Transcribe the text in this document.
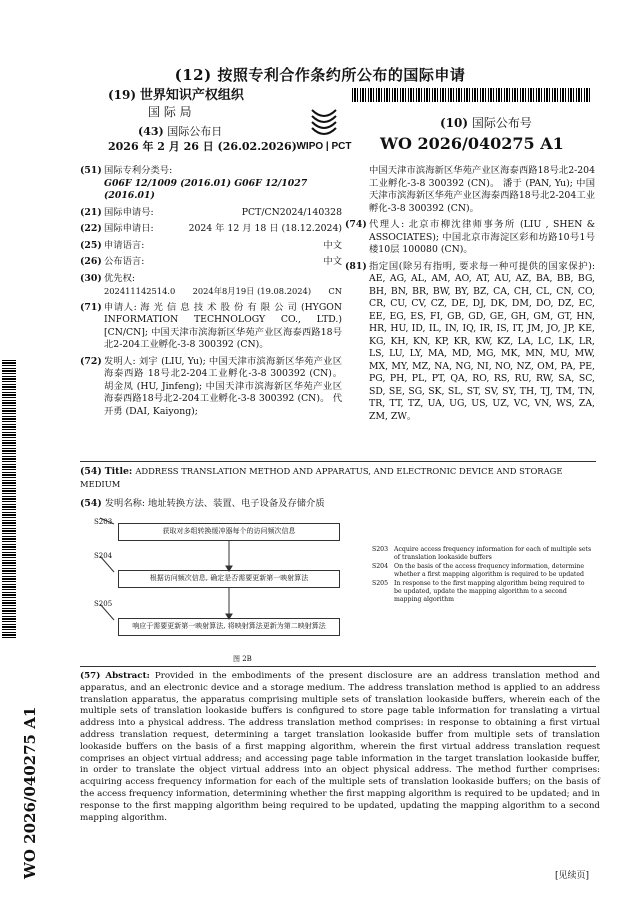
(12) 按照专利合作条约所公布的国际申请
(19) 世界知识产权组织
国 际 局
(43) 国际公布日
2026 年 2 月 26 日 (26.02.2026) WIPO | PCT
(10) 国际公布号
WO 2026/040275 A1
(51) 国际专利分类号:
G06F 12/1009 (2016.01) G06F 12/1027 (2016.01)
(21) 国际申请号:	PCT/CN2024/140328
(22) 国际申请日:	2024 年 12 月 18 日 (18.12.2024)
(25) 申请语言:	中文
(26) 公布语言:	中文
(30) 优先权:
202411142514.0 2024年8月19日 (19.08.2024) CN
(71) 申请人: 海 光 信 息 技 术 股 份 有 限 公 司 (HYGON INFORMATION TECHNOLOGY CO., LTD.) [CN/CN]; 中国天津市滨海新区华苑产业区海泰西路18号北2-204工业孵化-3-8 300392 (CN)。
(72) 发明人: 刘宇 (LIU, Yu); 中国天津市滨海新区华苑产业区海泰西路 18号北2-204工业孵化-3-8 300392 (CN)。 胡金凤 (HU, Jinfeng); 中国天津市滨海新区华苑产业区海泰西路18号北2-204工业孵化-3-8 300392 (CN)。 代开勇 (DAI, Kaiyong);
中国天津市滨海新区华苑产业区海泰西路18号北2-204工业孵化-3-8 300392 (CN)。 潘于 (PAN, Yu); 中国天津市滨海新区华苑产业区海泰西路18号北2-204工业孵化-3-8 300392 (CN)。
(74) 代理人: 北京市柳沈律师事务所 (LIU , SHEN & ASSOCIATES); 中国北京市海淀区彩和坊路10号1号楼10层 100080 (CN)。
(81) 指定国(除另有指明, 要求每一种可提供的国家保护): AE, AG, AL, AM, AO, AT, AU, AZ, BA, BB, BG, BH, BN, BR, BW, BY, BZ, CA, CH, CL, CN, CO, CR, CU, CV, CZ, DE, DJ, DK, DM, DO, DZ, EC, EE, EG, ES, FI, GB, GD, GE, GH, GM, GT, HN, HR, HU, ID, IL, IN, IQ, IR, IS, IT, JM, JO, JP, KE, KG, KH, KN, KP, KR, KW, KZ, LA, LC, LK, LR, LS, LU, LY, MA, MD, MG, MK, MN, MU, MW, MX, MY, MZ, NA, NG, NI, NO, NZ, OM, PA, PE, PG, PH, PL, PT, QA, RO, RS, RU, RW, SA, SC, SD, SE, SG, SK, SL, ST, SV, SY, TH, TJ, TM, TN, TR, TT, TZ, UA, UG, US, UZ, VC, VN, WS, ZA, ZM, ZW。
WO 2026/040275 A1
(54) Title: ADDRESS TRANSLATION METHOD AND APPARATUS, AND ELECTRONIC DEVICE AND STORAGE MEDIUM
(54) 发明名称: 地址转换方法、装置、电子设备及存储介质
S203
获取对多组转换缓冲器每个的访问频次信息
S204
根据访问频次信息, 确定是否需要更新第一映射算法
S205
响应于需要更新第一映射算法, 将映射算法更新为第二映射算法
S203 Acquire access frequency information for each of multiple sets of translation lookaside buffers
S204 On the basis of the access frequency information, determine whether a first mapping algorithm is required to be updated
S205 In response to the first mapping algorithm being required to be updated, update the mapping algorithm to a second mapping algorithm
图 2B
(57) Abstract: Provided in the embodiments of the present disclosure are an address translation method and apparatus, and an electronic device and a storage medium. The address translation method is applied to an address translation apparatus, the apparatus comprising multiple sets of translation lookaside buffers, wherein each of the multiple sets of translation lookaside buffers is configured to store page table information for translating a virtual address into a physical address. The address translation method comprises: in response to obtaining a first virtual address translation request, determining a target translation lookaside buffer from multiple sets of translation lookaside buffers on the basis of a first mapping algorithm, wherein the first virtual address translation request comprises an object virtual address; and accessing page table information in the target translation lookaside buffer, in order to translate the object virtual address into an object physical address. The method further comprises: acquiring access frequency information for each of the multiple sets of translation lookaside buffers; on the basis of the access frequency information, determining whether the first mapping algorithm is required to be updated; and in response to the first mapping algorithm being required to be updated, updating the mapping algorithm to a second mapping algorithm.
[见续页]
